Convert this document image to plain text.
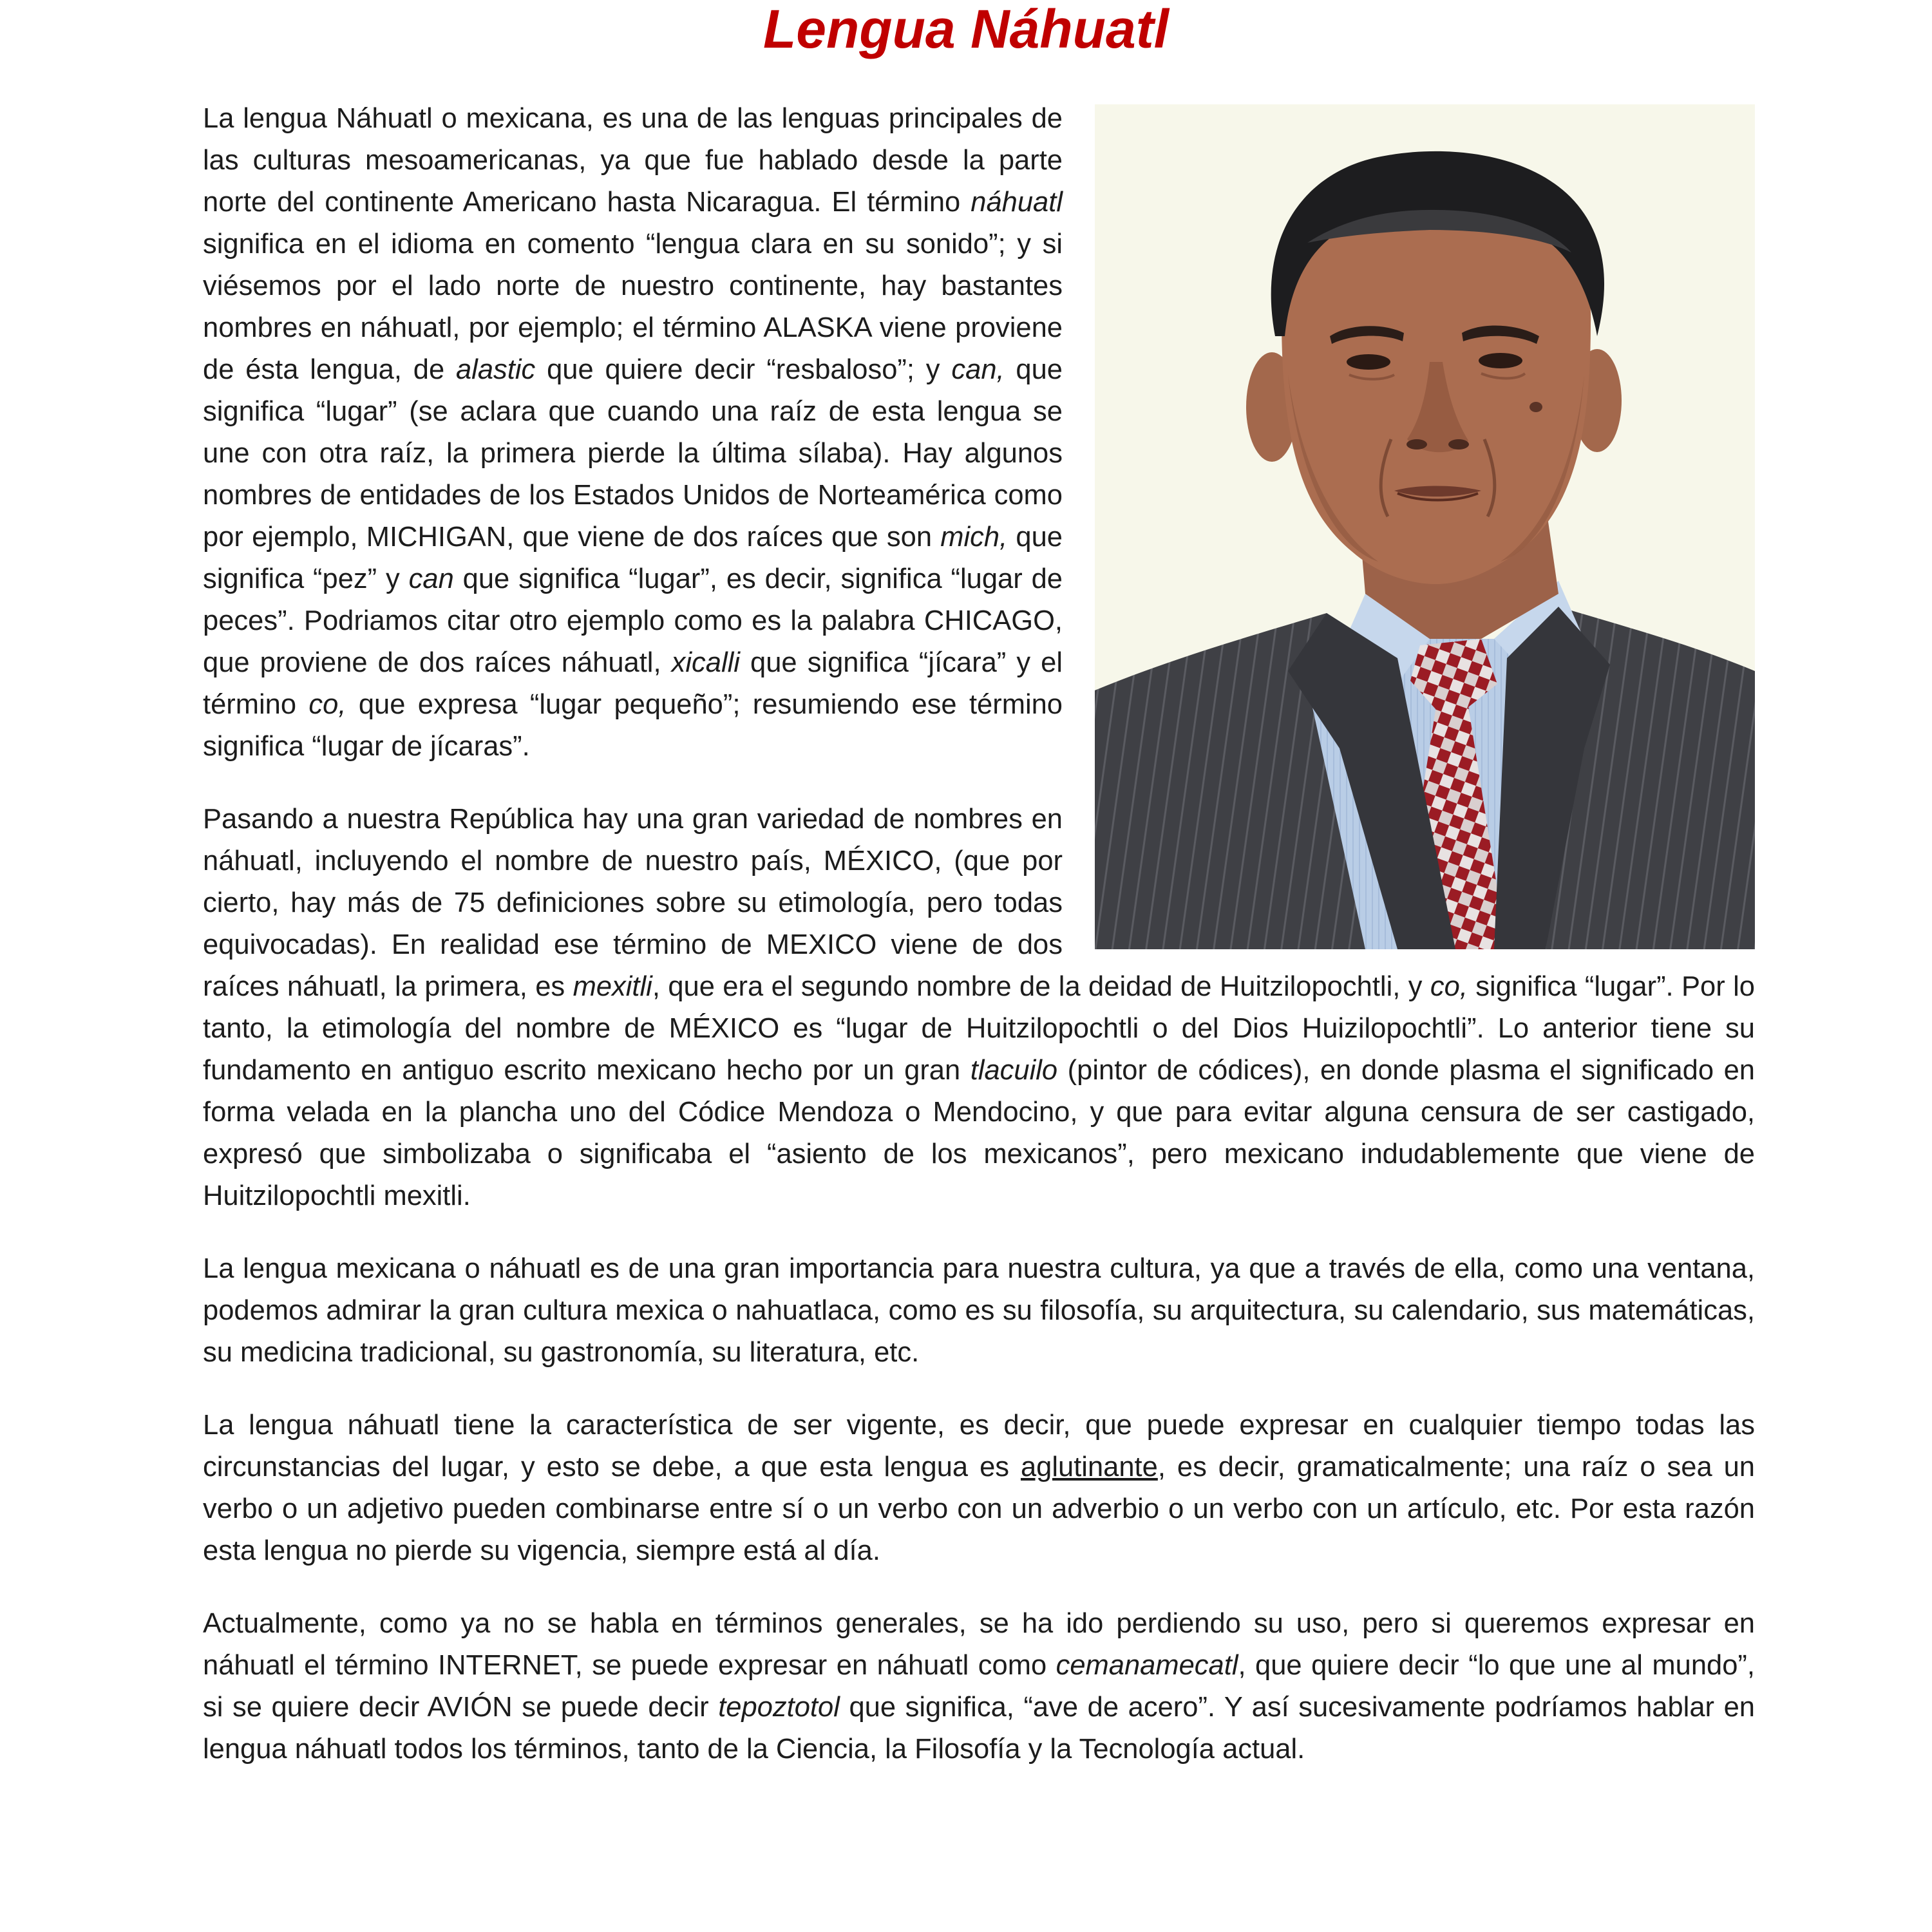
Lengua Náhuatl

La lengua Náhuatl o mexicana, es una de las lenguas principales de las culturas mesoamericanas, ya que fue hablado desde la parte norte del continente Americano hasta Nicaragua. El término náhuatl significa en el idioma en comento “lengua clara en su sonido”; y si viésemos por el lado norte de nuestro continente, hay bastantes nombres en náhuatl, por ejemplo; el término ALASKA viene proviene de ésta lengua, de alastic que quiere decir “resbaloso”; y can, que significa “lugar” (se aclara que cuando una raíz de esta lengua se une con otra raíz, la primera pierde la última sílaba). Hay algunos nombres de entidades de los Estados Unidos de Norteamérica como por ejemplo, MICHIGAN, que viene de dos raíces que son mich, que significa “pez” y can que significa “lugar”, es decir, significa “lugar de peces”. Podriamos citar otro ejemplo como es la palabra CHICAGO, que proviene de dos raíces náhuatl, xicalli que significa “jícara” y el término co, que expresa “lugar pequeño”; resumiendo ese término significa “lugar de jícaras”.

Pasando a nuestra República hay una gran variedad de nombres en náhuatl, incluyendo el nombre de nuestro país, MÉXICO, (que por cierto, hay más de 75 definiciones sobre su etimología, pero todas equivocadas). En realidad ese término de MEXICO viene de dos raíces náhuatl, la primera, es mexitli, que era el segundo nombre de la deidad de Huitzilopochtli, y co, significa “lugar”. Por lo tanto, la etimología del nombre de MÉXICO es “lugar de Huitzilopochtli o del Dios Huizilopochtli”. Lo anterior tiene su fundamento en antiguo escrito mexicano hecho por un gran tlacuilo (pintor de códices), en donde plasma el significado en forma velada en la plancha uno del Códice Mendoza o Mendocino, y que para evitar alguna censura de ser castigado, expresó que simbolizaba o significaba el “asiento de los mexicanos”, pero mexicano indudablemente que viene de Huitzilopochtli mexitli.

La lengua mexicana o náhuatl es de una gran importancia para nuestra cultura, ya que a través de ella, como una ventana, podemos admirar la gran cultura mexica o nahuatlaca, como es su filosofía, su arquitectura, su calendario, sus matemáticas, su medicina tradicional, su gastronomía, su literatura, etc.

La lengua náhuatl tiene la característica de ser vigente, es decir, que puede expresar en cualquier tiempo todas las circunstancias del lugar, y esto se debe, a que esta lengua es aglutinante, es decir, gramaticalmente; una raíz o sea un verbo o un adjetivo pueden combinarse entre sí o un verbo con un adverbio o un verbo con un artículo, etc. Por esta razón esta lengua no pierde su vigencia, siempre está al día.

Actualmente, como ya no se habla en términos generales, se ha ido perdiendo su uso, pero si queremos expresar en náhuatl el término INTERNET, se puede expresar en náhuatl como cemanamecatl, que quiere decir “lo que une al mundo”, si se quiere decir AVIÓN se puede decir tepoztotol que significa, “ave de acero”. Y así sucesivamente podríamos hablar en lengua náhuatl todos los términos, tanto de la Ciencia, la Filosofía y la Tecnología actual.
